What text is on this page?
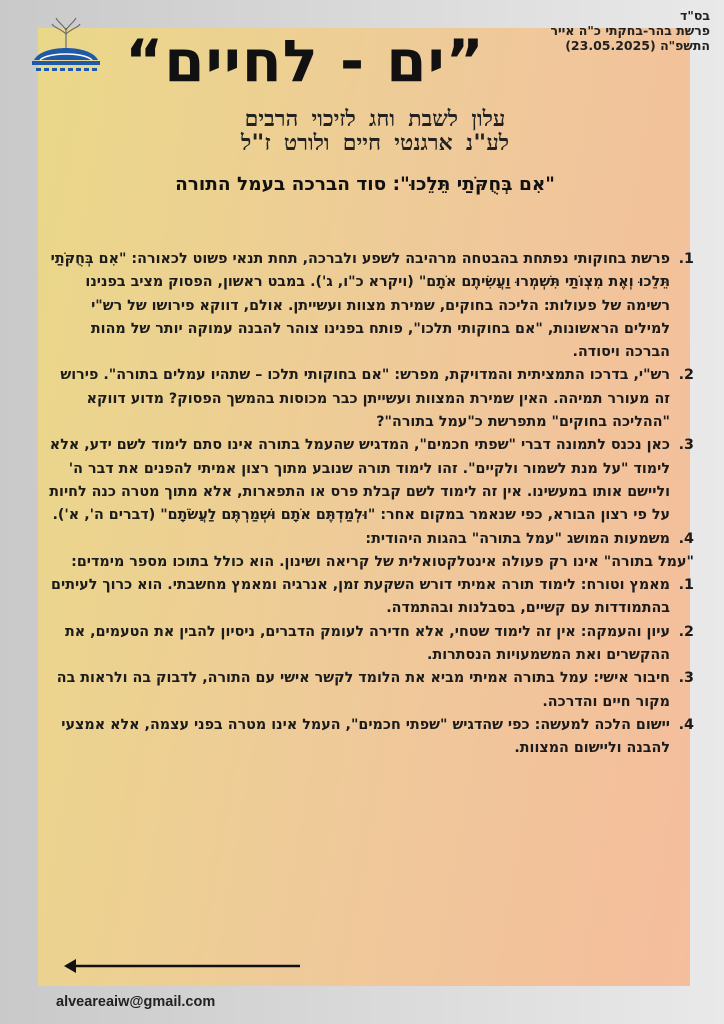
בס"ד
פרשת בהר-בחקתי כ"ה אייר
התשפ"ה (23.05.2025)
”ים - לחיים“
עלון לשבת וחג לזיכוי הרבים
לע"נ ארגנטי חיים ולורט ז"ל
"אִם בְּחֻקֹּתַי תֵּלֵכוּ": סוד הברכה בעמל התורה
1.
פרשת בחוקותי נפתחת בהבטחה מרהיבה לשפע ולברכה, תחת תנאי פשוט לכאורה: "אִם בְּחֻקֹּתַי תֵּלֵכוּ וְאֶת מִצְוֹתַי תִּשְׁמְרוּ וַעֲשִׂיתֶם אֹתָם" (ויקרא כ"ו, ג'). במבט ראשון, הפסוק מציב בפנינו רשימה של פעולות: הליכה בחוקים, שמירת מצוות ועשייתן. אולם, דווקא פירושו של רש"י למילים הראשונות, "אם בחוקותי תלכו", פותח בפנינו צוהר להבנה עמוקה יותר של מהות הברכה ויסודה.
2.
רש"י, בדרכו התמציתית והמדויקת, מפרש: "אם בחוקותי תלכו – שתהיו עמלים בתורה". פירוש זה מעורר תמיהה. האין שמירת המצוות ועשייתן כבר מכוסות בהמשך הפסוק? מדוע דווקא "ההליכה בחוקים" מתפרשת כ"עמל בתורה"?
3.
כאן נכנס לתמונה דברי "שפתי חכמים", המדגיש שהעמל בתורה אינו סתם לימוד לשם ידע, אלא לימוד "על מנת לשמור ולקיים". זהו לימוד תורה שנובע מתוך רצון אמיתי להפנים את דבר ה' וליישם אותו במעשינו. אין זה לימוד לשם קבלת פרס או התפארות, אלא מתוך מטרה כנה לחיות על פי רצון הבורא, כפי שנאמר במקום אחר: "וּלְמַדְתֶּם אֹתָם וּשְׁמַרְתֶּם לַעֲשֹׂתָם" (דברים ה', א').
4.
משמעות המושג "עמל בתורה" בהגות היהודית:

"עמל בתורה" אינו רק פעולה אינטלקטואלית של קריאה ושינון. הוא כולל בתוכו מספר מימדים:

1.
מאמץ וטורח: לימוד תורה אמיתי דורש השקעת זמן, אנרגיה ומאמץ מחשבתי. הוא כרוך לעיתים בהתמודדות עם קשיים, בסבלנות ובהתמדה.
2.
עיון והעמקה: אין זה לימוד שטחי, אלא חדירה לעומק הדברים, ניסיון להבין את הטעמים, את ההקשרים ואת המשמעויות הנסתרות.
3.
חיבור אישי: עמל בתורה אמיתי מביא את הלומד לקשר אישי עם התורה, לדבוק בה ולראות בה מקור חיים והדרכה.
4.
יישום הלכה למעשה: כפי שהדגיש "שפתי חכמים", העמל אינו מטרה בפני עצמה, אלא אמצעי להבנה וליישום המצוות.
alveareaiw@gmail.com
